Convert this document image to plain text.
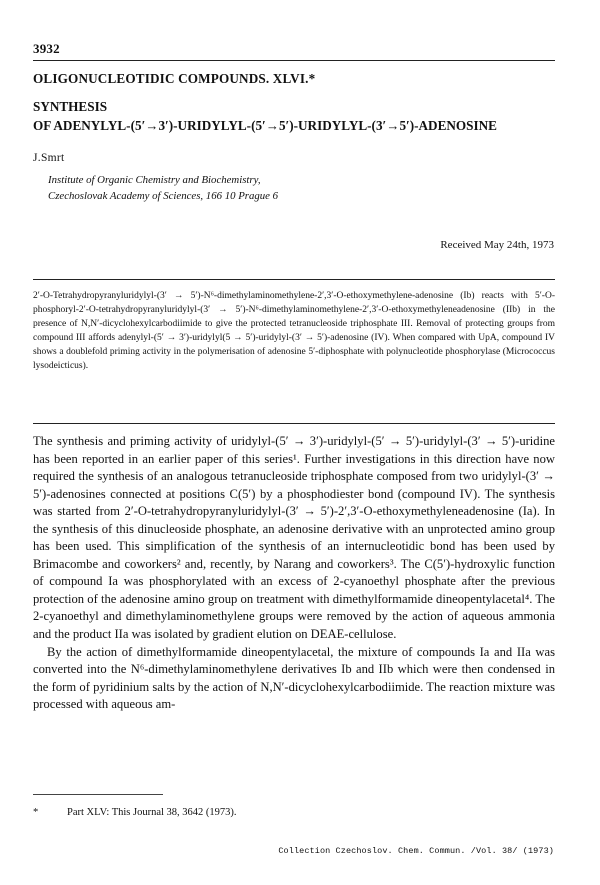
3932
OLIGONUCLEOTIDIC COMPOUNDS. XLVI.*
SYNTHESIS
OF ADENYLYL-(5′→3′)-URIDYLYL-(5′→5′)-URIDYLYL-(3′→5′)-ADENOSINE
J.Smrt
Institute of Organic Chemistry and Biochemistry,
Czechoslovak Academy of Sciences, 166 10 Prague 6
Received May 24th, 1973
2′-O-Tetrahydropyranyluridylyl-(3′ → 5′)-N⁶-dimethylaminomethylene-2′,3′-O-ethoxymethylene-adenosine (Ib) reacts with 5′-O-phosphoryl-2′-O-tetrahydropyranyluridylyl-(3′ → 5′)-N⁶-dimethylaminomethylene-2′,3′-O-ethoxymethyleneadenosine (IIb) in the presence of N,N′-dicyclohexylcarbodiimide to give the protected tetranucleoside triphosphate III. Removal of protecting groups from compound III affords adenylyl-(5′ → 3′)-uridylyl(5 → 5′)-uridylyl-(3′ → 5′)-adenosine (IV). When compared with UpA, compound IV shows a doublefold priming activity in the polymerisation of adenosine 5′-diphosphate with polynucleotide phosphorylase (Micrococcus lysodeicticus).

The synthesis and priming activity of uridylyl-(5′ → 3′)-uridylyl-(5′ → 5′)-uridylyl-(3′ → 5′)-uridine has been reported in an earlier paper of this series¹. Further investigations in this direction have now required the synthesis of an analogous tetranucleoside triphosphate composed from two uridylyl-(3′ → 5′)-adenosines connected at positions C(5′) by a phosphodiester bond (compound IV). The synthesis was started from 2′-O-tetrahydropyranyluridylyl-(3′ → 5′)-2′,3′-O-ethoxymethyleneadenosine (Ia). In the synthesis of this dinucleoside phosphate, an adenosine derivative with an unprotected amino group has been used. This simplification of the synthesis of an internucleotidic bond has been used by Brimacombe and coworkers² and, recently, by Narang and coworkers³. The C(5′)-hydroxylic function of compound Ia was phosphorylated with an excess of 2-cyanoethyl phosphate after the previous protection of the adenosine amino group on treatment with dimethylformamide dineopentylacetal⁴. The 2-cyanoethyl and dimethylaminomethylene groups were removed by the action of aqueous ammonia and the product IIa was isolated by gradient elution on DEAE-cellulose.

By the action of dimethylformamide dineopentylacetal, the mixture of compounds Ia and IIa was converted into the N⁶-dimethylaminomethylene derivatives Ib and IIb which were then condensed in the form of pyridinium salts by the action of N,N′-dicyclohexylcarbodiimide. The reaction mixture was processed with aqueous am-

*	Part XLV: This Journal 38, 3642 (1973).
Collection Czechoslov. Chem. Commun. /Vol. 38/ (1973)
